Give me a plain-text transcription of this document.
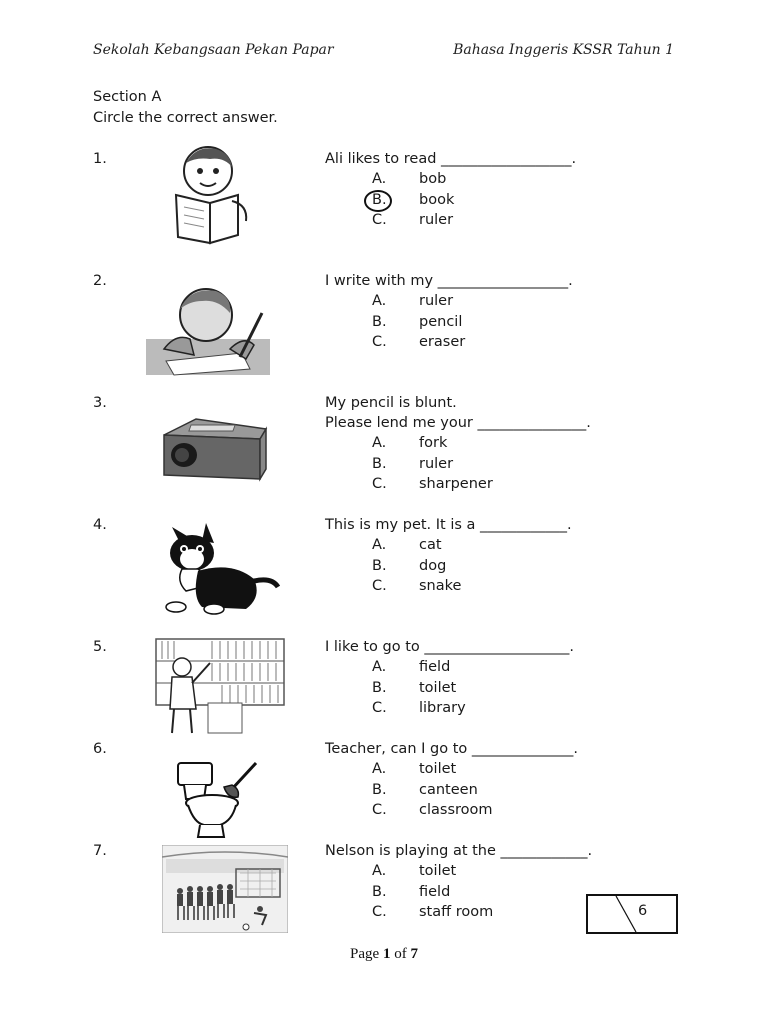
Sekolah Kebangsaan Pekan Papar	Bahasa Inggeris KSSR Tahun 1
Section A
Circle the correct answer.
1.	Ali likes to read __________________.
A. bob
B. book
C. ruler
2.	I write with my __________________.
A. ruler
B. pencil
C. eraser
3.	My pencil is blunt.
Please lend me your _______________.
A. fork
B. ruler
C. sharpener
4.	This is my pet. It is a ____________.
A. cat
B. dog
C. snake
5.	I like to go to ____________________.
A. field
B. toilet
C. library
6.	Teacher, can I go to ______________.
A. toilet
B. canteen
C. classroom
7.	Nelson is playing at the ____________.
A. toilet
B. field
C. staff room	6
Page 1 of 7
